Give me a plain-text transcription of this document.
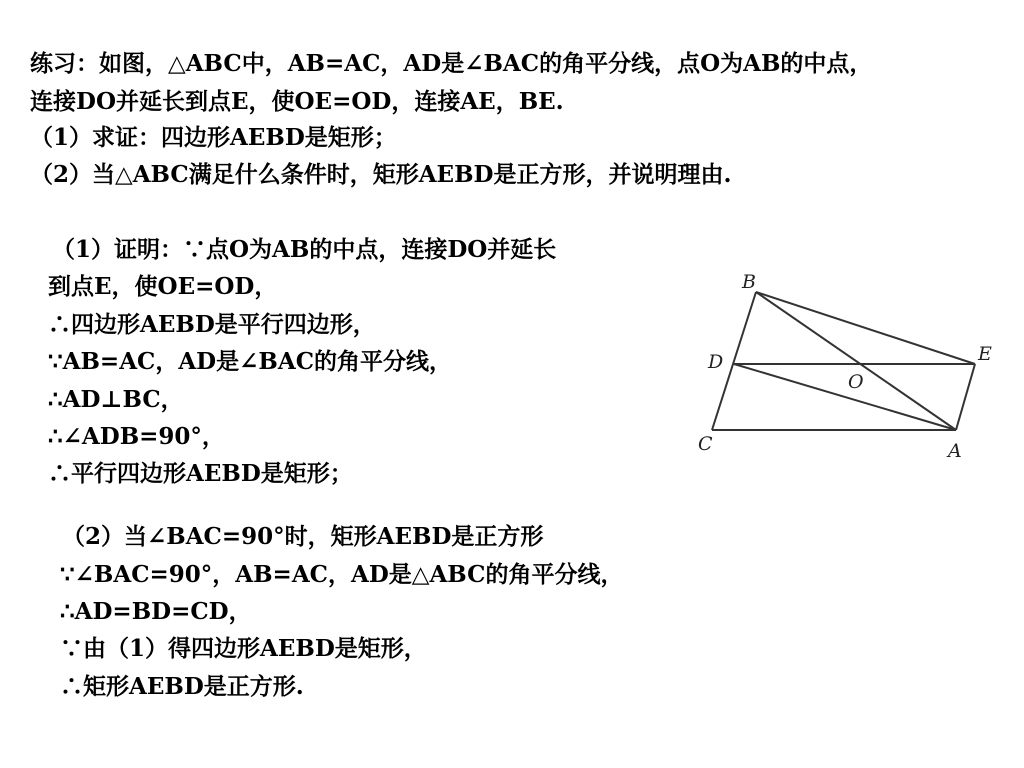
练习：如图，△ABC中，AB=AC，AD是∠BAC的角平分线，点O为AB的中点，
连接DO并延长到点E，使OE=OD，连接AE，BE.
（1）求证：四边形AEBD是矩形；
（2）当△ABC满足什么条件时，矩形AEBD是正方形，并说明理由.
（1）证明：∵点O为AB的中点，连接DO并延长
到点E，使OE=OD，
∴四边形AEBD是平行四边形，
∵AB=AC，AD是∠BAC的角平分线，
∴AD⊥BC，
∴∠ADB=90°，
∴平行四边形AEBD是矩形；
B
D	E
O
C	A
（2）当∠BAC=90°时，矩形AEBD是正方形
∵∠BAC=90°，AB=AC，AD是△ABC的角平分线，
∴AD=BD=CD，
∵由（1）得四边形AEBD是矩形，
∴矩形AEBD是正方形.
